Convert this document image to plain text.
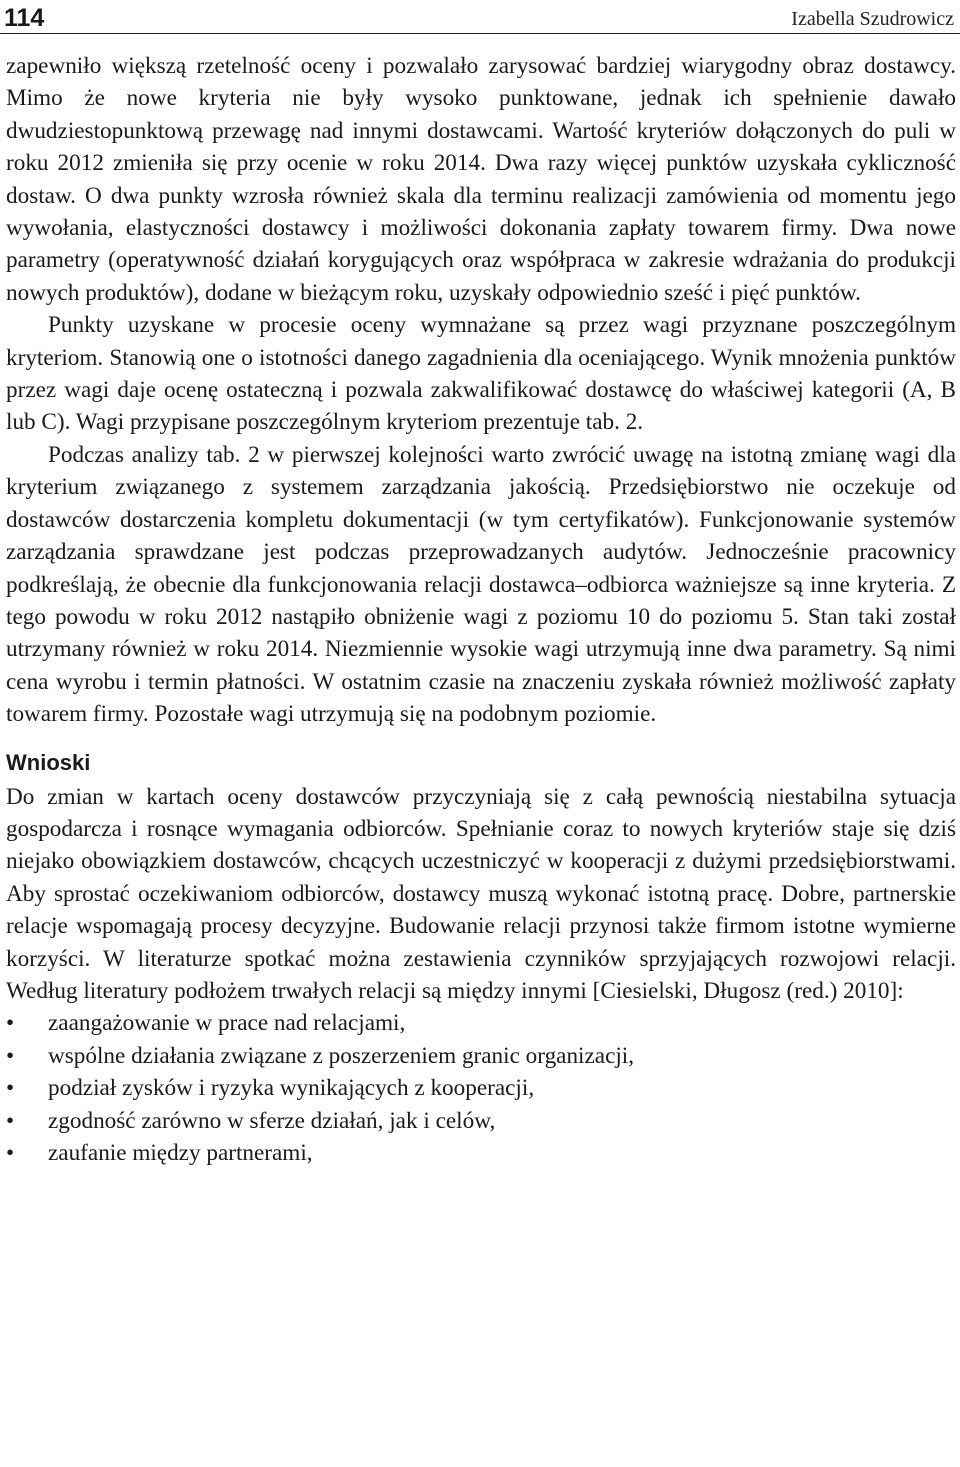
114	Izabella Szudrowicz

zapewniło większą rzetelność oceny i pozwalało zarysować bardziej wiarygodny obraz dostawcy. Mimo że nowe kryteria nie były wysoko punktowane, jednak ich spełnienie dawało dwudziestopunktową przewagę nad innymi dostawcami. Wartość kryteriów dołączonych do puli w roku 2012 zmieniła się przy ocenie w roku 2014. Dwa razy więcej punktów uzyskała cykliczność dostaw. O dwa punkty wzrosła również skala dla terminu realizacji zamówienia od momentu jego wywołania, elastyczności dostawcy i możliwości dokonania zapłaty towarem firmy. Dwa nowe parametry (operatywność działań korygujących oraz współpraca w zakresie wdrażania do produkcji nowych produktów), dodane w bieżącym roku, uzyskały odpowiednio sześć i pięć punktów.

Punkty uzyskane w procesie oceny wymnażane są przez wagi przyznane poszczególnym kryteriom. Stanowią one o istotności danego zagadnienia dla oceniającego. Wynik mnożenia punktów przez wagi daje ocenę ostateczną i pozwala zakwalifikować dostawcę do właściwej kategorii (A, B lub C). Wagi przypisane poszczególnym kryteriom prezentuje tab. 2.

Podczas analizy tab. 2 w pierwszej kolejności warto zwrócić uwagę na istotną zmianę wagi dla kryterium związanego z systemem zarządzania jakością. Przedsiębiorstwo nie oczekuje od dostawców dostarczenia kompletu dokumentacji (w tym certyfikatów). Funkcjonowanie systemów zarządzania sprawdzane jest podczas przeprowadzanych audytów. Jednocześnie pracownicy podkreślają, że obecnie dla funkcjonowania relacji dostawca–odbiorca ważniejsze są inne kryteria. Z tego powodu w roku 2012 nastąpiło obniżenie wagi z poziomu 10 do poziomu 5. Stan taki został utrzymany również w roku 2014. Niezmiennie wysokie wagi utrzymują inne dwa parametry. Są nimi cena wyrobu i termin płatności. W ostatnim czasie na znaczeniu zyskała również możliwość zapłaty towarem firmy. Pozostałe wagi utrzymują się na podobnym poziomie.

Wnioski

Do zmian w kartach oceny dostawców przyczyniają się z całą pewnością niestabilna sytuacja gospodarcza i rosnące wymagania odbiorców. Spełnianie coraz to nowych kryteriów staje się dziś niejako obowiązkiem dostawców, chcących uczestniczyć w kooperacji z dużymi przedsiębiorstwami. Aby sprostać oczekiwaniom odbiorców, dostawcy muszą wykonać istotną pracę. Dobre, partnerskie relacje wspomagają procesy decyzyjne. Budowanie relacji przynosi także firmom istotne wymierne korzyści. W literaturze spotkać można zestawienia czynników sprzyjających rozwojowi relacji. Według literatury podłożem trwałych relacji są między innymi [Ciesielski, Długosz (red.) 2010]:

• zaangażowanie w prace nad relacjami,
• wspólne działania związane z poszerzeniem granic organizacji,
• podział zysków i ryzyka wynikających z kooperacji,
• zgodność zarówno w sferze działań, jak i celów,
• zaufanie między partnerami,
